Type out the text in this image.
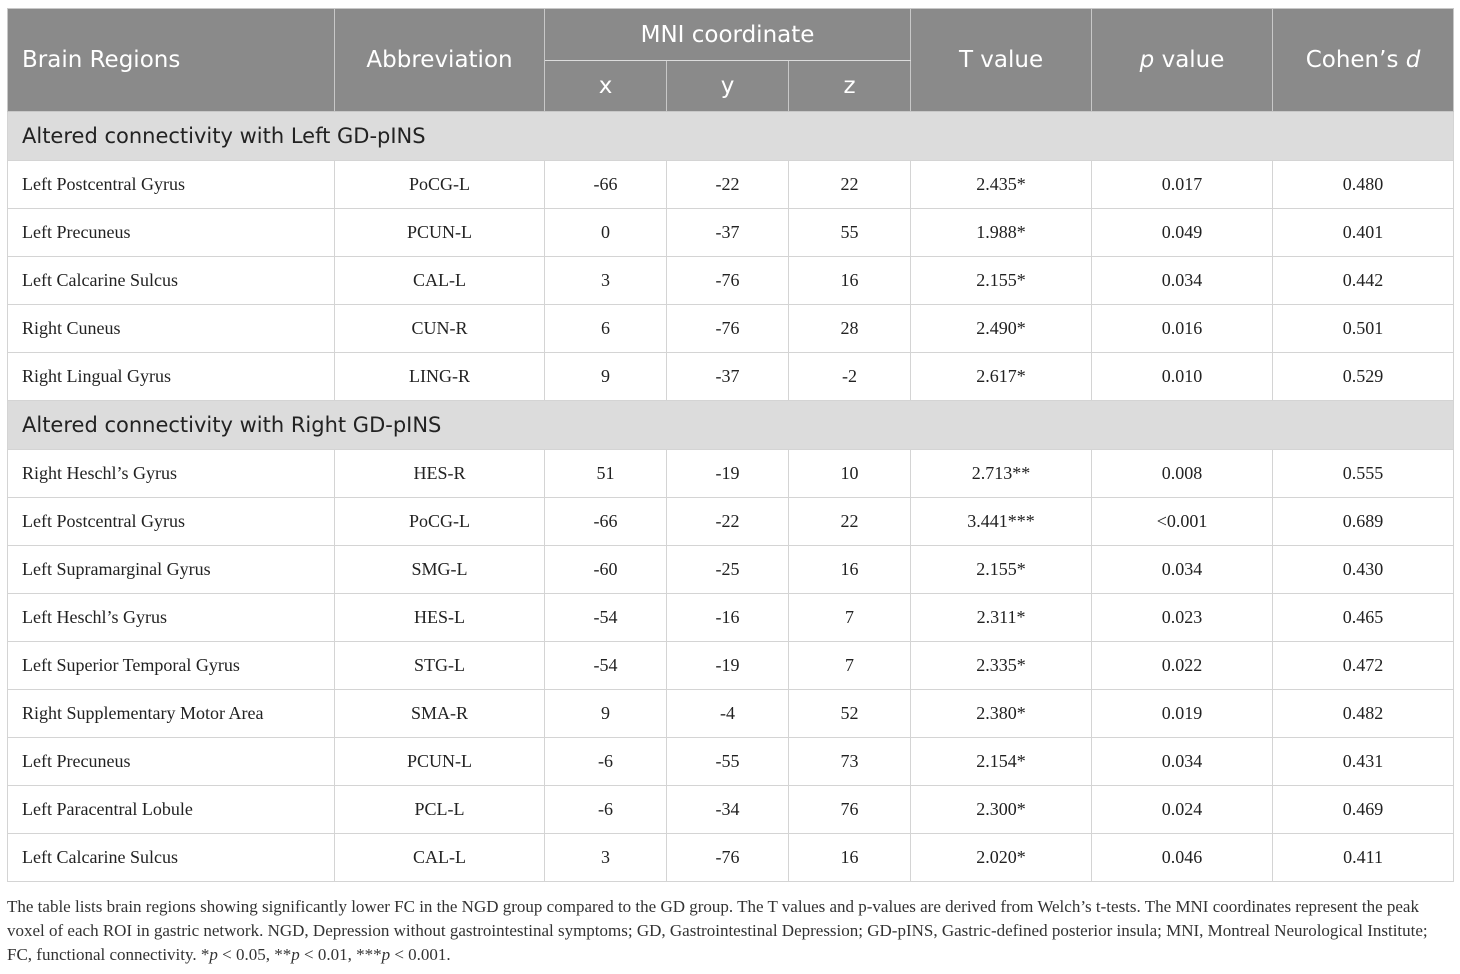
Brain Regions	Abbreviation	MNI coordinate			T value	p value	Cohen’s d
		x	y	z			
Altered connectivity with Left GD-pINS							
Left Postcentral Gyrus	PoCG-L	-66	-22	22	2.435*	0.017	0.480
Left Precuneus	PCUN-L	0	-37	55	1.988*	0.049	0.401
Left Calcarine Sulcus	CAL-L	3	-76	16	2.155*	0.034	0.442
Right Cuneus	CUN-R	6	-76	28	2.490*	0.016	0.501
Right Lingual Gyrus	LING-R	9	-37	-2	2.617*	0.010	0.529
Altered connectivity with Right GD-pINS							
Right Heschl’s Gyrus	HES-R	51	-19	10	2.713**	0.008	0.555
Left Postcentral Gyrus	PoCG-L	-66	-22	22	3.441***	<0.001	0.689
Left Supramarginal Gyrus	SMG-L	-60	-25	16	2.155*	0.034	0.430
Left Heschl’s Gyrus	HES-L	-54	-16	7	2.311*	0.023	0.465
Left Superior Temporal Gyrus	STG-L	-54	-19	7	2.335*	0.022	0.472
Right Supplementary Motor Area	SMA-R	9	-4	52	2.380*	0.019	0.482
Left Precuneus	PCUN-L	-6	-55	73	2.154*	0.034	0.431
Left Paracentral Lobule	PCL-L	-6	-34	76	2.300*	0.024	0.469
Left Calcarine Sulcus	CAL-L	3	-76	16	2.020*	0.046	0.411
The table lists brain regions showing significantly lower FC in the NGD group compared to the GD group. The T values and p-values are derived from Welch’s t-tests. The MNI coordinates represent the peak voxel of each ROI in gastric network. NGD, Depression without gastrointestinal symptoms; GD, Gastrointestinal Depression; GD-pINS, Gastric-defined posterior insula; MNI, Montreal Neurological Institute; FC, functional connectivity. *p < 0.05, **p < 0.01, ***p < 0.001.
